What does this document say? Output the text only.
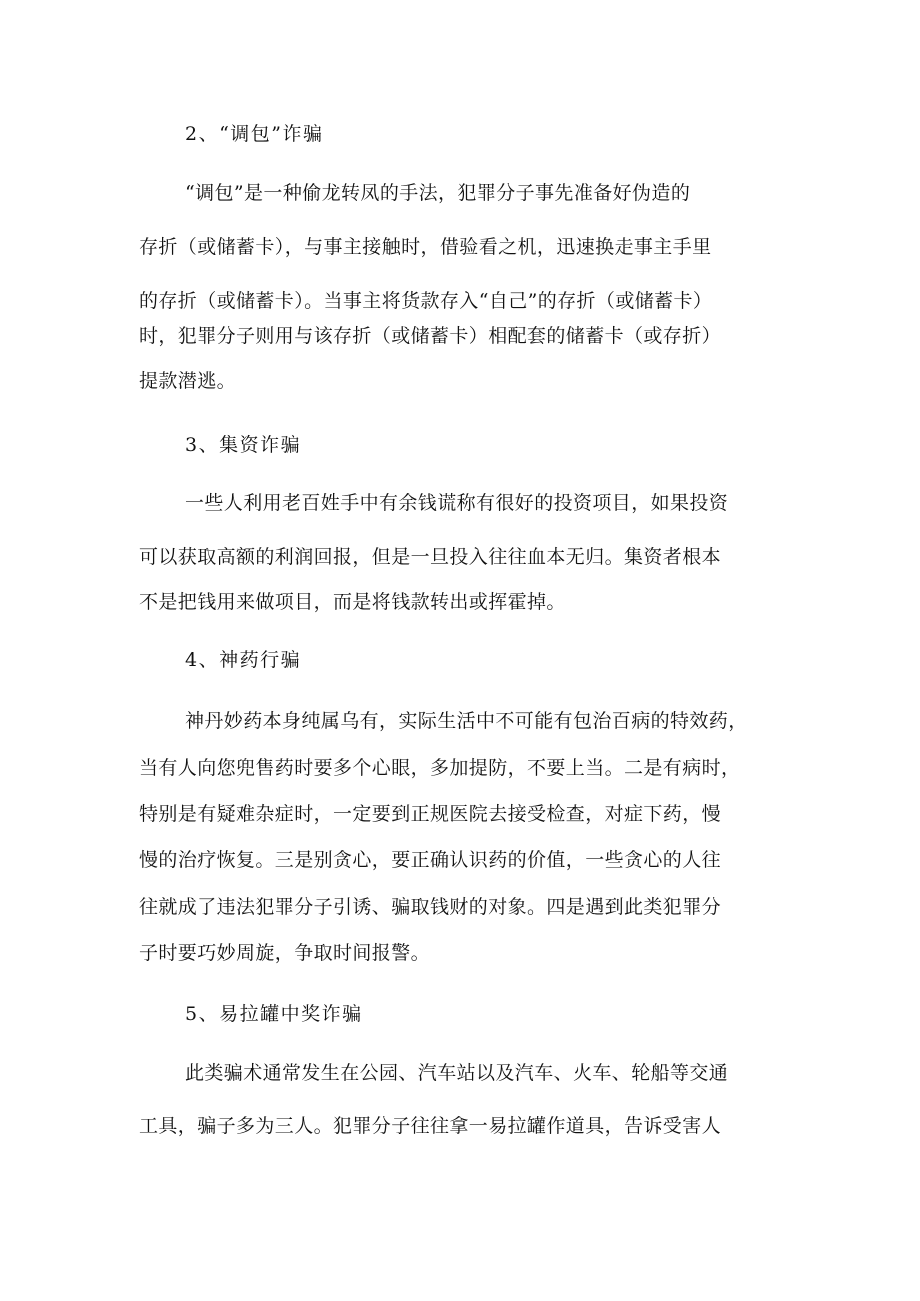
2、“调包”诈骗
“调包”是一种偷龙转凤的手法，犯罪分子事先准备好伪造的
存折（或储蓄卡），与事主接触时，借验看之机，迅速换走事主手里
的存折（或储蓄卡）。当事主将货款存入“自己”的存折（或储蓄卡）
时，犯罪分子则用与该存折（或储蓄卡）相配套的储蓄卡（或存折）
提款潜逃。
3、集资诈骗
一些人利用老百姓手中有余钱谎称有很好的投资项目，如果投资
可以获取高额的利润回报，但是一旦投入往往血本无归。集资者根本
不是把钱用来做项目，而是将钱款转出或挥霍掉。
4、神药行骗
神丹妙药本身纯属乌有，实际生活中不可能有包治百病的特效药，
当有人向您兜售药时要多个心眼，多加提防，不要上当。二是有病时，
特别是有疑难杂症时，一定要到正规医院去接受检查，对症下药，慢
慢的治疗恢复。三是别贪心，要正确认识药的价值，一些贪心的人往
往就成了违法犯罪分子引诱、骗取钱财的对象。四是遇到此类犯罪分
子时要巧妙周旋，争取时间报警。
5、易拉罐中奖诈骗
此类骗术通常发生在公园、汽车站以及汽车、火车、轮船等交通
工具，骗子多为三人。犯罪分子往往拿一易拉罐作道具，告诉受害人
